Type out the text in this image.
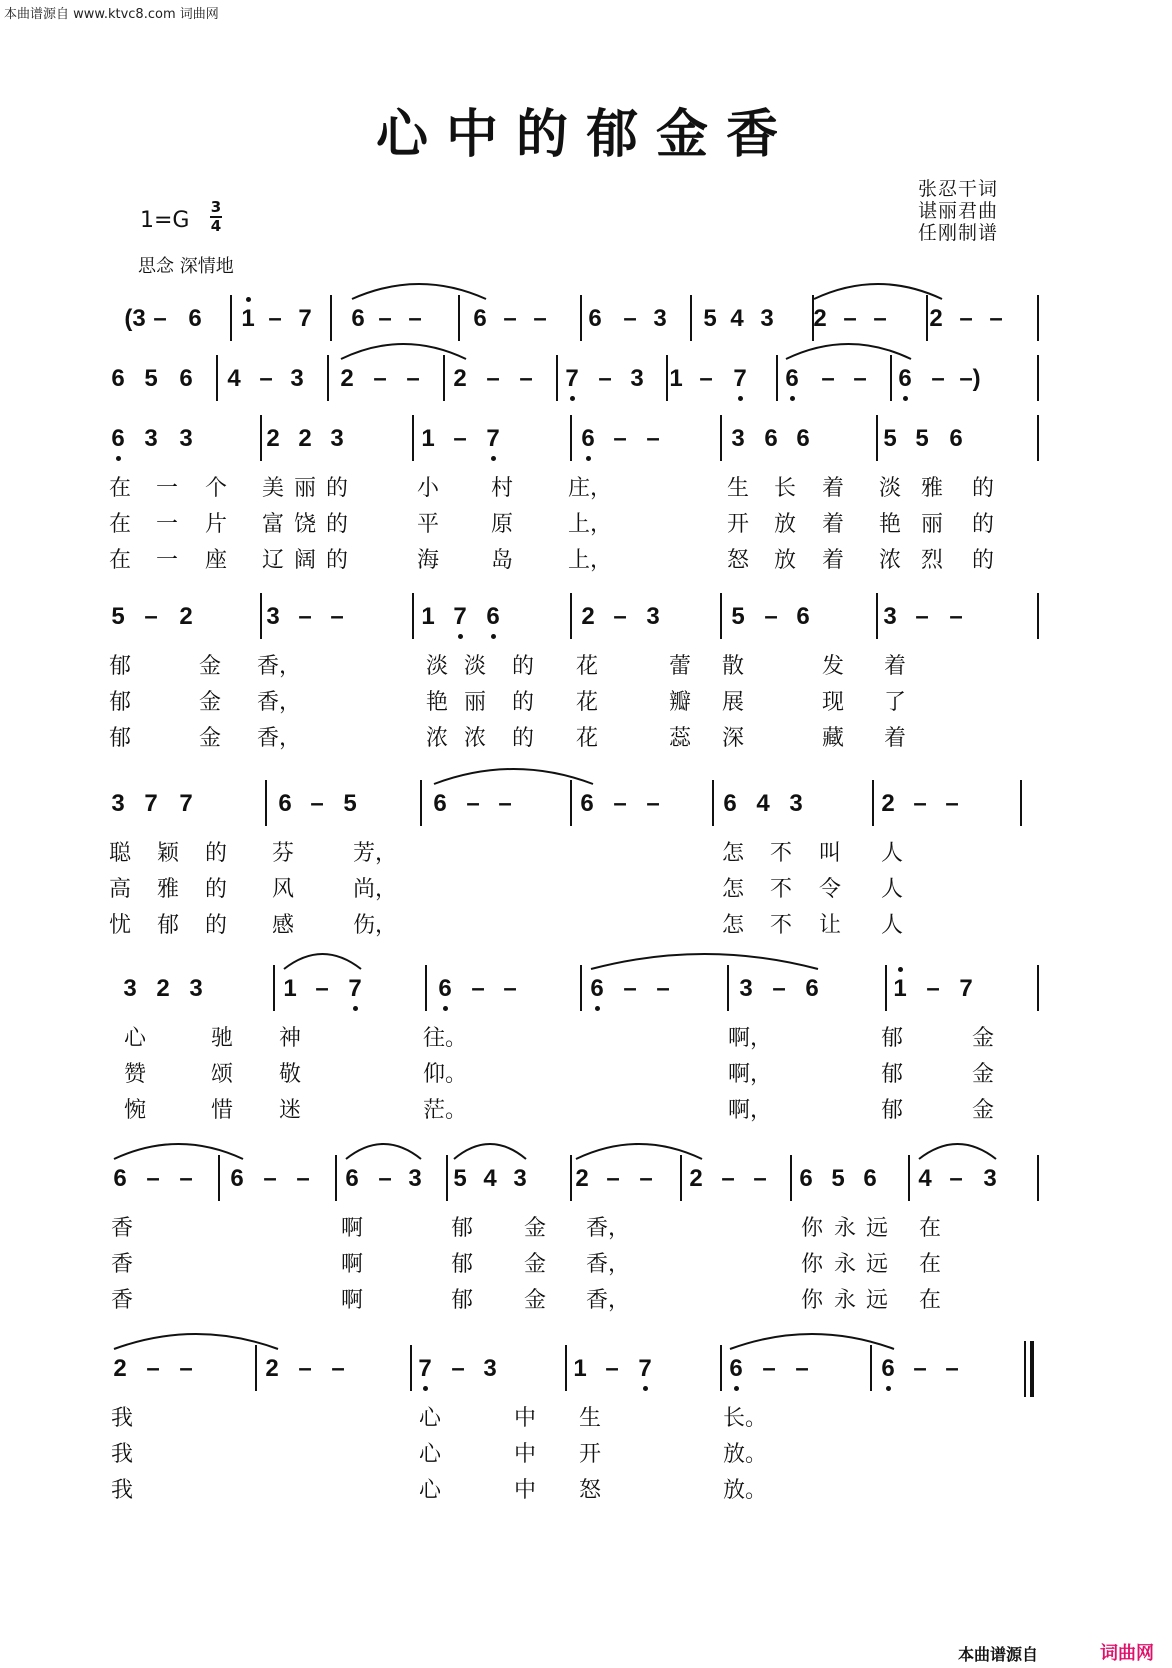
本曲谱源自 www.ktvc8.com 词曲网
心中的郁金香
张忍干词
谌丽君曲
任刚制谱
1=G
3
4
思念 深情地
(3 – 6	1 – 7	6 – –	6 – –	6 – 3	5 4 3	2 – –	2 – –
6 5 6	4 – 3	2 – –	2 – –	7 – 3	1 – 7	6 – –	6 – –)
6 3 3	2 2 3	1 – 7	6 – –	3 6 6	5 5 6
在 一 个 美 丽 的	小 村	庄，	生 长 着 淡 雅 的
在 一 片 富 饶 的	平 原	上，	开 放 着 艳 丽 的
在 一 座 辽 阔 的	海 岛	上，	怒 放 着 浓 烈 的
5 – 2	3 – –	1 7 6	2 – 3	5 – 6	3 – –
郁	金 香，	淡 淡 的 花	蕾 散	发 着
郁	金 香，	艳 丽 的 花	瓣 展	现 了
郁	金 香，	浓 浓 的 花	蕊 深	藏 着
3 7 7	6 – 5	6 – –	6 – –	6 4 3	2 – –
聪 颖 的 芬	芳，	怎 不 叫 人
高 雅 的 风	尚，	怎 不 令 人
忧 郁 的 感	伤，	怎 不 让 人
3 2 3	1 – 7	6 – –	6 – –	3 – 6	1 – 7
心	驰 神	往。	啊，	郁	金
赞	颂 敬	仰。	啊，	郁	金
惋	惜 迷	茫。	啊，	郁	金
6 – –	6 – –	6 – 3	5 4 3	2 – –	2 – –	6 5 6	4 – 3
香	啊	郁 金 香，	你 永 远 在
香	啊	郁 金 香，	你 永 远 在
香	啊	郁 金 香，	你 永 远 在
2 – –	2 – –	7 – 3	1 – 7	6 – –	6 – –
我	心	中 生	长。
我	心	中 开	放。
我	心	中 怒	放。
本曲谱源自	词曲网
